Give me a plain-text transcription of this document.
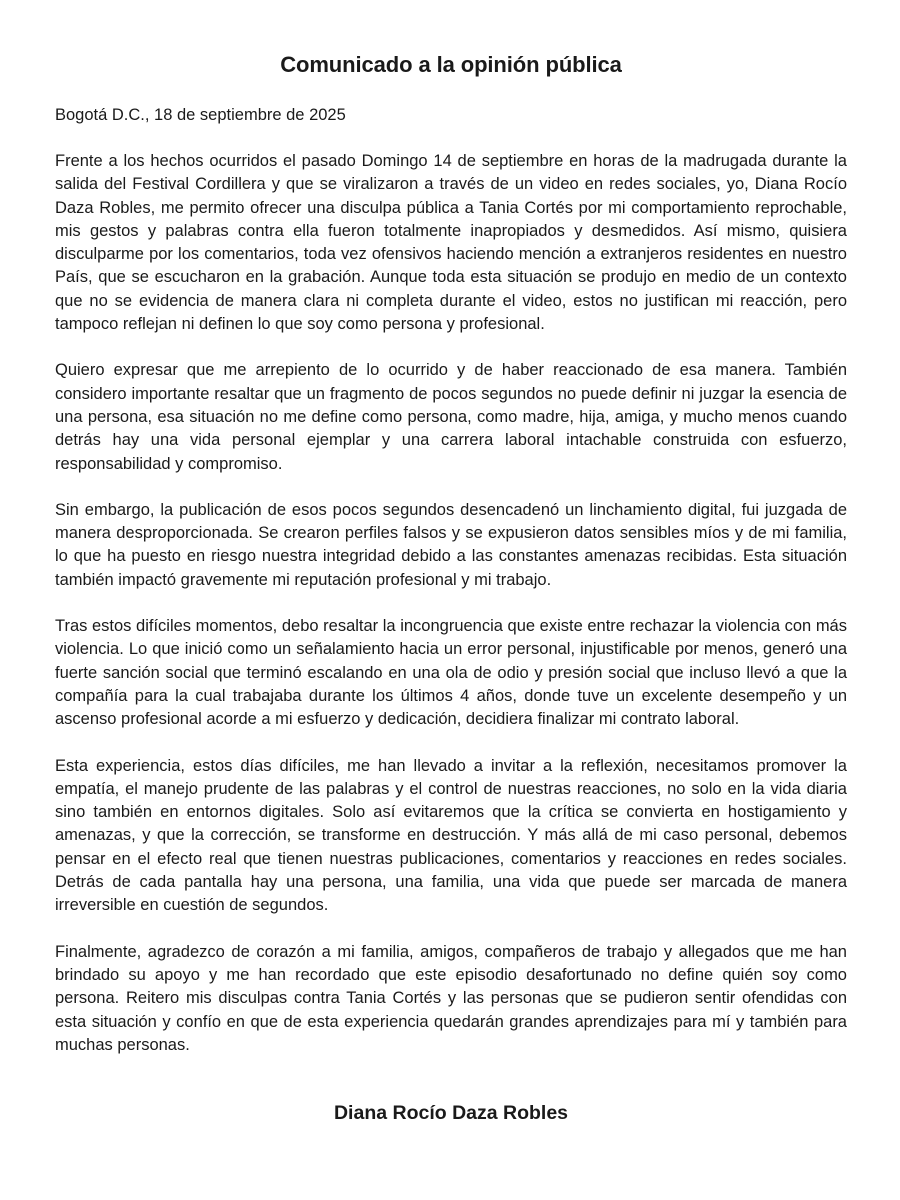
Comunicado a la opinión pública

Bogotá D.C., 18 de septiembre de 2025

Frente a los hechos ocurridos el pasado Domingo 14 de septiembre en horas de la madrugada durante la salida del Festival Cordillera y que se viralizaron a través de un video en redes sociales, yo, Diana Rocío Daza Robles, me permito ofrecer una disculpa pública a Tania Cortés por mi comportamiento reprochable, mis gestos y palabras contra ella fueron totalmente inapropiados y desmedidos. Así mismo, quisiera disculparme por los comentarios, toda vez ofensivos haciendo mención a extranjeros residentes en nuestro País, que se escucharon en la grabación. Aunque toda esta situación se produjo en medio de un contexto que no se evidencia de manera clara ni completa durante el video, estos no justifican mi reacción, pero tampoco reflejan ni definen lo que soy como persona y profesional.

Quiero expresar que me arrepiento de lo ocurrido y de haber reaccionado de esa manera. También considero importante resaltar que un fragmento de pocos segundos no puede definir ni juzgar la esencia de una persona, esa situación no me define como persona, como madre, hija, amiga, y mucho menos cuando detrás hay una vida personal ejemplar y una carrera laboral intachable construida con esfuerzo, responsabilidad y compromiso.

Sin embargo, la publicación de esos pocos segundos desencadenó un linchamiento digital, fui juzgada de manera desproporcionada. Se crearon perfiles falsos y se expusieron datos sensibles míos y de mi familia, lo que ha puesto en riesgo nuestra integridad debido a las constantes amenazas recibidas. Esta situación también impactó gravemente mi reputación profesional y mi trabajo.

Tras estos difíciles momentos, debo resaltar la incongruencia que existe entre rechazar la violencia con más violencia. Lo que inició como un señalamiento hacia un error personal, injustificable por menos, generó una fuerte sanción social que terminó escalando en una ola de odio y presión social que incluso llevó a que la compañía para la cual trabajaba durante los últimos 4 años, donde tuve un excelente desempeño y un ascenso profesional acorde a mi esfuerzo y dedicación, decidiera finalizar mi contrato laboral.

Esta experiencia, estos días difíciles, me han llevado a invitar a la reflexión, necesitamos promover la empatía, el manejo prudente de las palabras y el control de nuestras reacciones, no solo en la vida diaria sino también en entornos digitales. Solo así evitaremos que la crítica se convierta en hostigamiento y amenazas, y que la corrección, se transforme en destrucción. Y más allá de mi caso personal, debemos pensar en el efecto real que tienen nuestras publicaciones, comentarios y reacciones en redes sociales. Detrás de cada pantalla hay una persona, una familia, una vida que puede ser marcada de manera irreversible en cuestión de segundos.

Finalmente, agradezco de corazón a mi familia, amigos, compañeros de trabajo y allegados que me han brindado su apoyo y me han recordado que este episodio desafortunado no define quién soy como persona. Reitero mis disculpas contra Tania Cortés y las personas que se pudieron sentir ofendidas con esta situación y confío en que de esta experiencia quedarán grandes aprendizajes para mí y también para muchas personas.

Diana Rocío Daza Robles
